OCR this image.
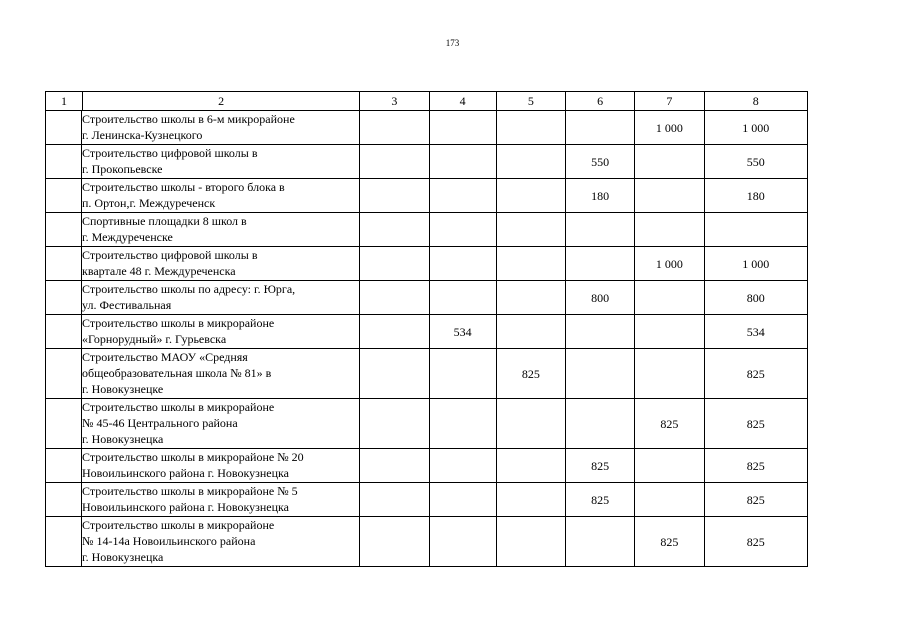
173
1 2	3	4	5	6	7	8
Строительство школы в 6-м микрорайоне
г. Ленинска-Кузнецкого					1 000	1 000
Строительство цифровой школы в
г. Прокопьевске				550		550
Строительство школы - второго блока в
п. Ортон,г. Междуреченск				180		180
Спортивные площадки 8 школ в
г. Междуреченске						
Строительство цифровой школы в
квартале 48 г. Междуреченска					1 000	1 000
Строительство школы по адресу: г. Юрга,
ул. Фестивальная				800		800
Строительство школы в микрорайоне
«Горнорудный» г. Гурьевска		534				534
Строительство МАОУ «Средняя
общеобразовательная школа № 81» в
г. Новокузнецке			825			825
Строительство школы в микрорайоне
№ 45-46 Центрального района
г. Новокузнецка					825	825
Строительство школы в микрорайоне № 20
Новоильинского района г. Новокузнецка				825		825
Строительство школы в микрорайоне № 5
Новоильинского района г. Новокузнецка				825		825
Строительство школы в микрорайоне
№ 14-14а Новоильинского района
г. Новокузнецка					825	825
